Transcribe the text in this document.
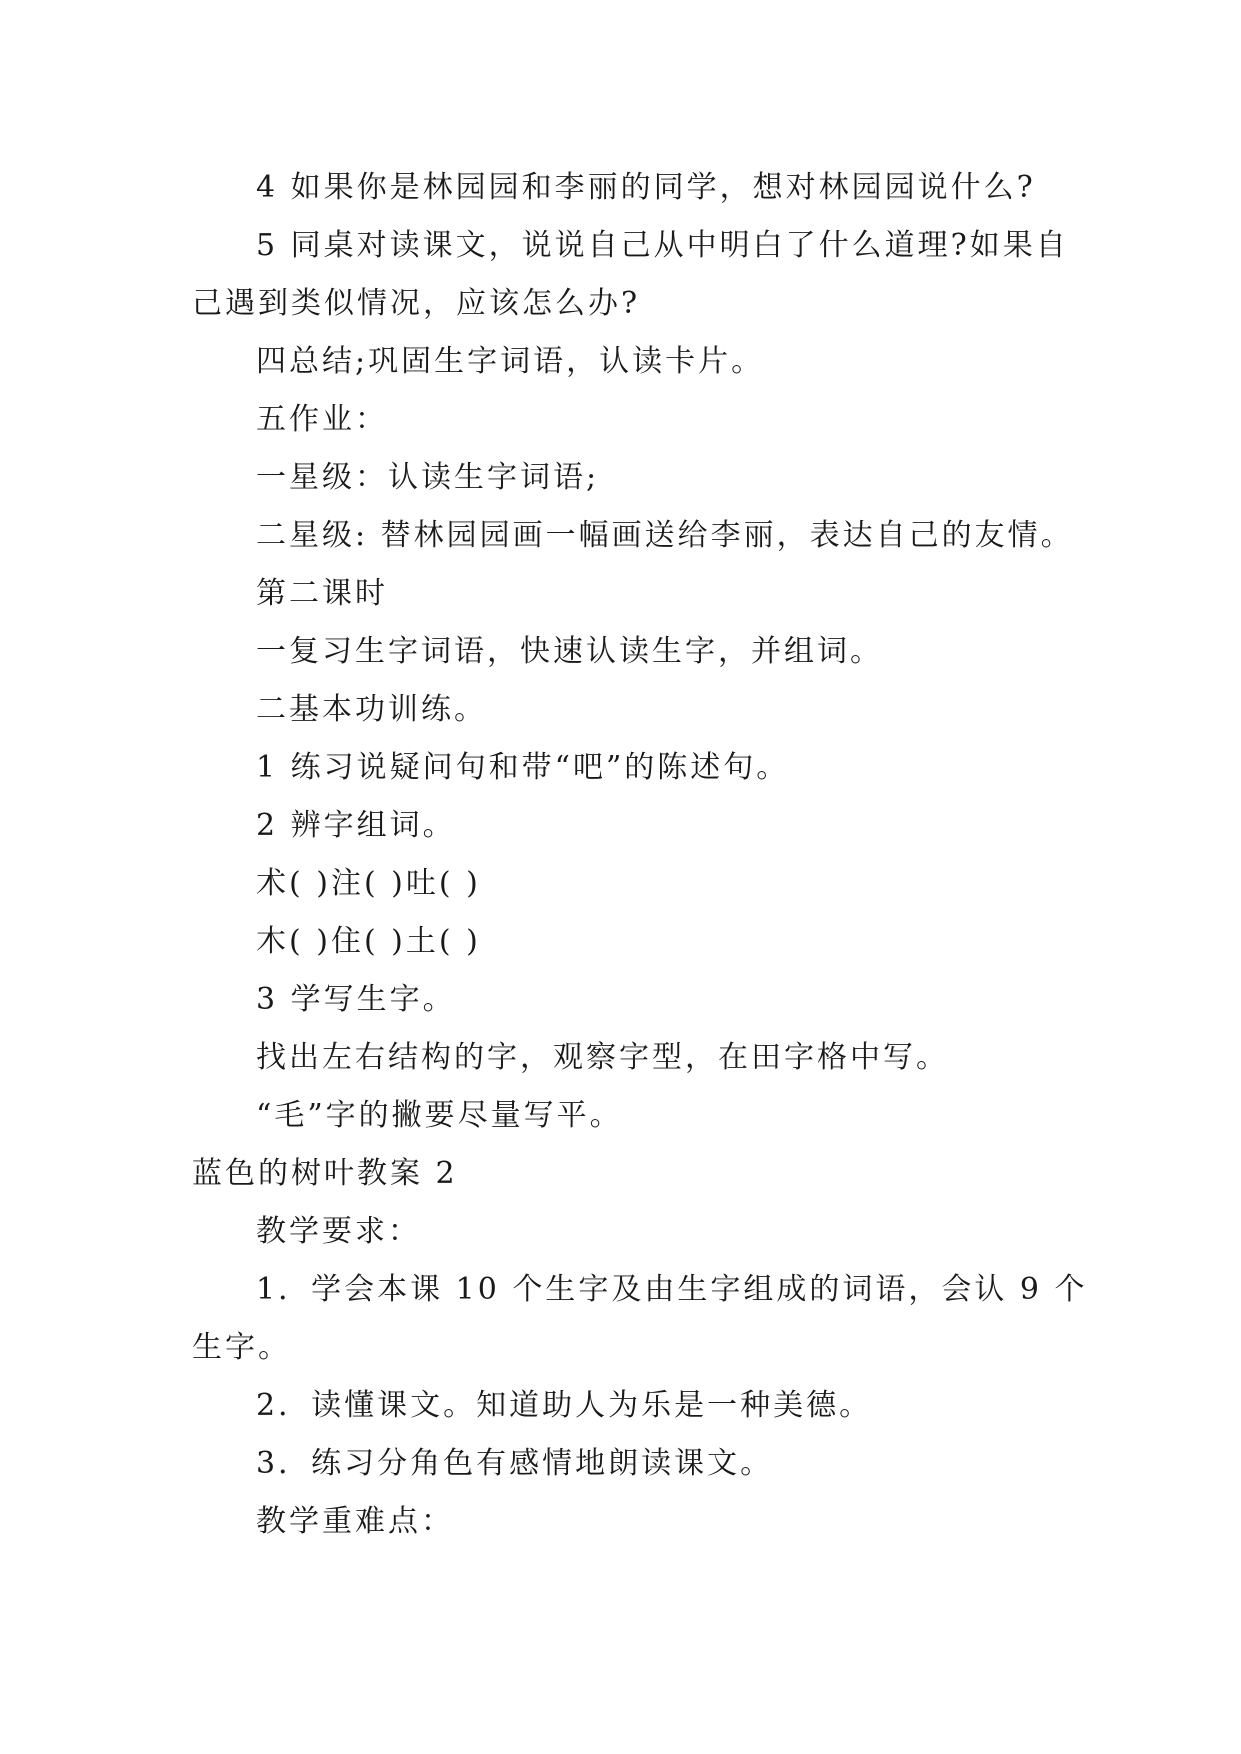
4 如果你是林园园和李丽的同学，想对林园园说什么?
5 同桌对读课文，说说自己从中明白了什么道理?如果自
己遇到类似情况，应该怎么办?
四总结;巩固生字词语，认读卡片。
五作业：
一星级：认读生字词语;
二星级: 替林园园画一幅画送给李丽，表达自己的友情。
第二课时
一复习生字词语，快速认读生字，并组词。
二基本功训练。
1 练习说疑问句和带“吧”的陈述句。
2 辨字组词。
术( )注( )吐( )
木( )住( )土( )
3 学写生字。
找出左右结构的字，观察字型，在田字格中写。
“毛”字的撇要尽量写平。
蓝色的树叶教案 2
教学要求：
1．学会本课 10 个生字及由生字组成的词语，会认 9 个
生字。
2．读懂课文。知道助人为乐是一种美德。
3．练习分角色有感情地朗读课文。
教学重难点：
